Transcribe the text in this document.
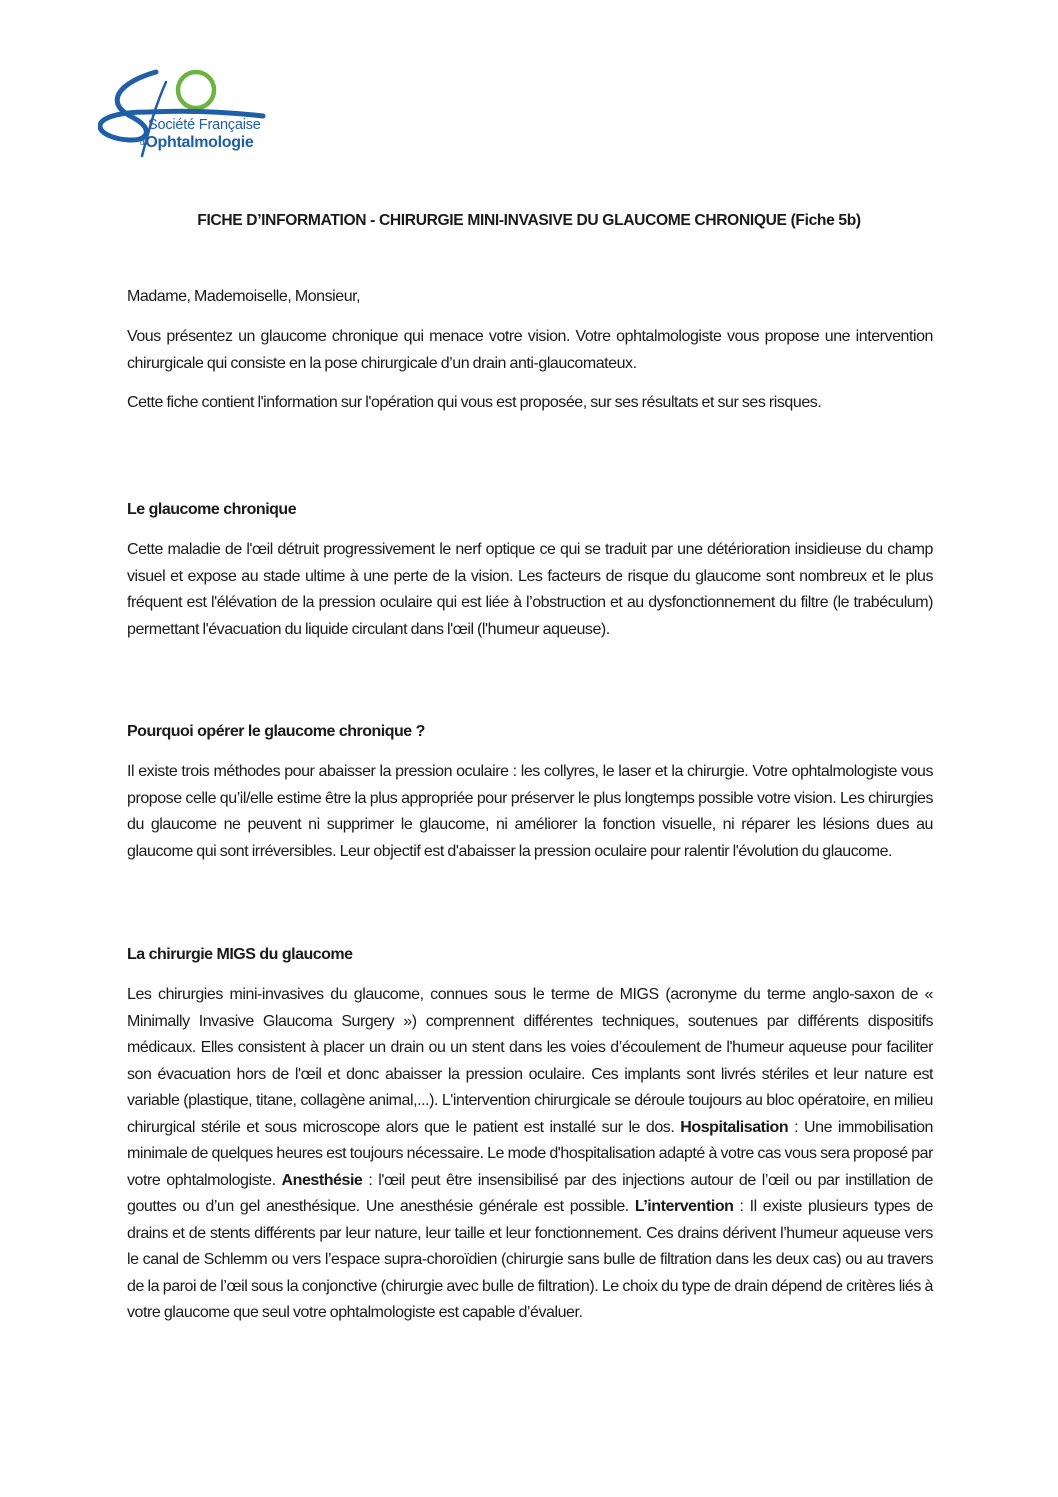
Société Française
d'Ophtalmologie
FICHE D’INFORMATION - CHIRURGIE MINI-INVASIVE DU GLAUCOME CHRONIQUE (Fiche 5b)

Madame, Mademoiselle, Monsieur,

Vous présentez un glaucome chronique qui menace votre vision. Votre ophtalmologiste vous propose une intervention chirurgicale qui consiste en la pose chirurgicale d’un drain anti-glaucomateux.

Cette fiche contient l'information sur l'opération qui vous est proposée, sur ses résultats et sur ses risques.

Le glaucome chronique

Cette maladie de l'œil détruit progressivement le nerf optique ce qui se traduit par une détérioration insidieuse du champ visuel et expose au stade ultime à une perte de la vision. Les facteurs de risque du glaucome sont nombreux et le plus fréquent est l'élévation de la pression oculaire qui est liée à l’obstruction et au dysfonctionnement du filtre (le trabéculum) permettant l'évacuation du liquide circulant dans l'œil (l'humeur aqueuse).

Pourquoi opérer le glaucome chronique ?

Il existe trois méthodes pour abaisser la pression oculaire : les collyres, le laser et la chirurgie. Votre ophtalmologiste vous propose celle qu’il/elle estime être la plus appropriée pour préserver le plus longtemps possible votre vision. Les chirurgies du glaucome ne peuvent ni supprimer le glaucome, ni améliorer la fonction visuelle, ni réparer les lésions dues au glaucome qui sont irréversibles. Leur objectif est d'abaisser la pression oculaire pour ralentir l'évolution du glaucome.

La chirurgie MIGS du glaucome

Les chirurgies mini-invasives du glaucome, connues sous le terme de MIGS (acronyme du terme anglo-saxon de « Minimally Invasive Glaucoma Surgery ») comprennent différentes techniques, soutenues par différents dispositifs médicaux. Elles consistent à placer un drain ou un stent dans les voies d’écoulement de l'humeur aqueuse pour faciliter son évacuation hors de l'œil et donc abaisser la pression oculaire. Ces implants sont livrés stériles et leur nature est variable (plastique, titane, collagène animal,...). L'intervention chirurgicale se déroule toujours au bloc opératoire, en milieu chirurgical stérile et sous microscope alors que le patient est installé sur le dos. Hospitalisation : Une immobilisation minimale de quelques heures est toujours nécessaire. Le mode d'hospitalisation adapté à votre cas vous sera proposé par votre ophtalmologiste. Anesthésie : l'œil peut être insensibilisé par des injections autour de l’œil ou par instillation de gouttes ou d’un gel anesthésique. Une anesthésie générale est possible. L’intervention : Il existe plusieurs types de drains et de stents différents par leur nature, leur taille et leur fonctionnement. Ces drains dérivent l’humeur aqueuse vers le canal de Schlemm ou vers l’espace supra-choroïdien (chirurgie sans bulle de filtration dans les deux cas) ou au travers de la paroi de l’œil sous la conjonctive (chirurgie avec bulle de filtration). Le choix du type de drain dépend de critères liés à votre glaucome que seul votre ophtalmologiste est capable d’évaluer.
